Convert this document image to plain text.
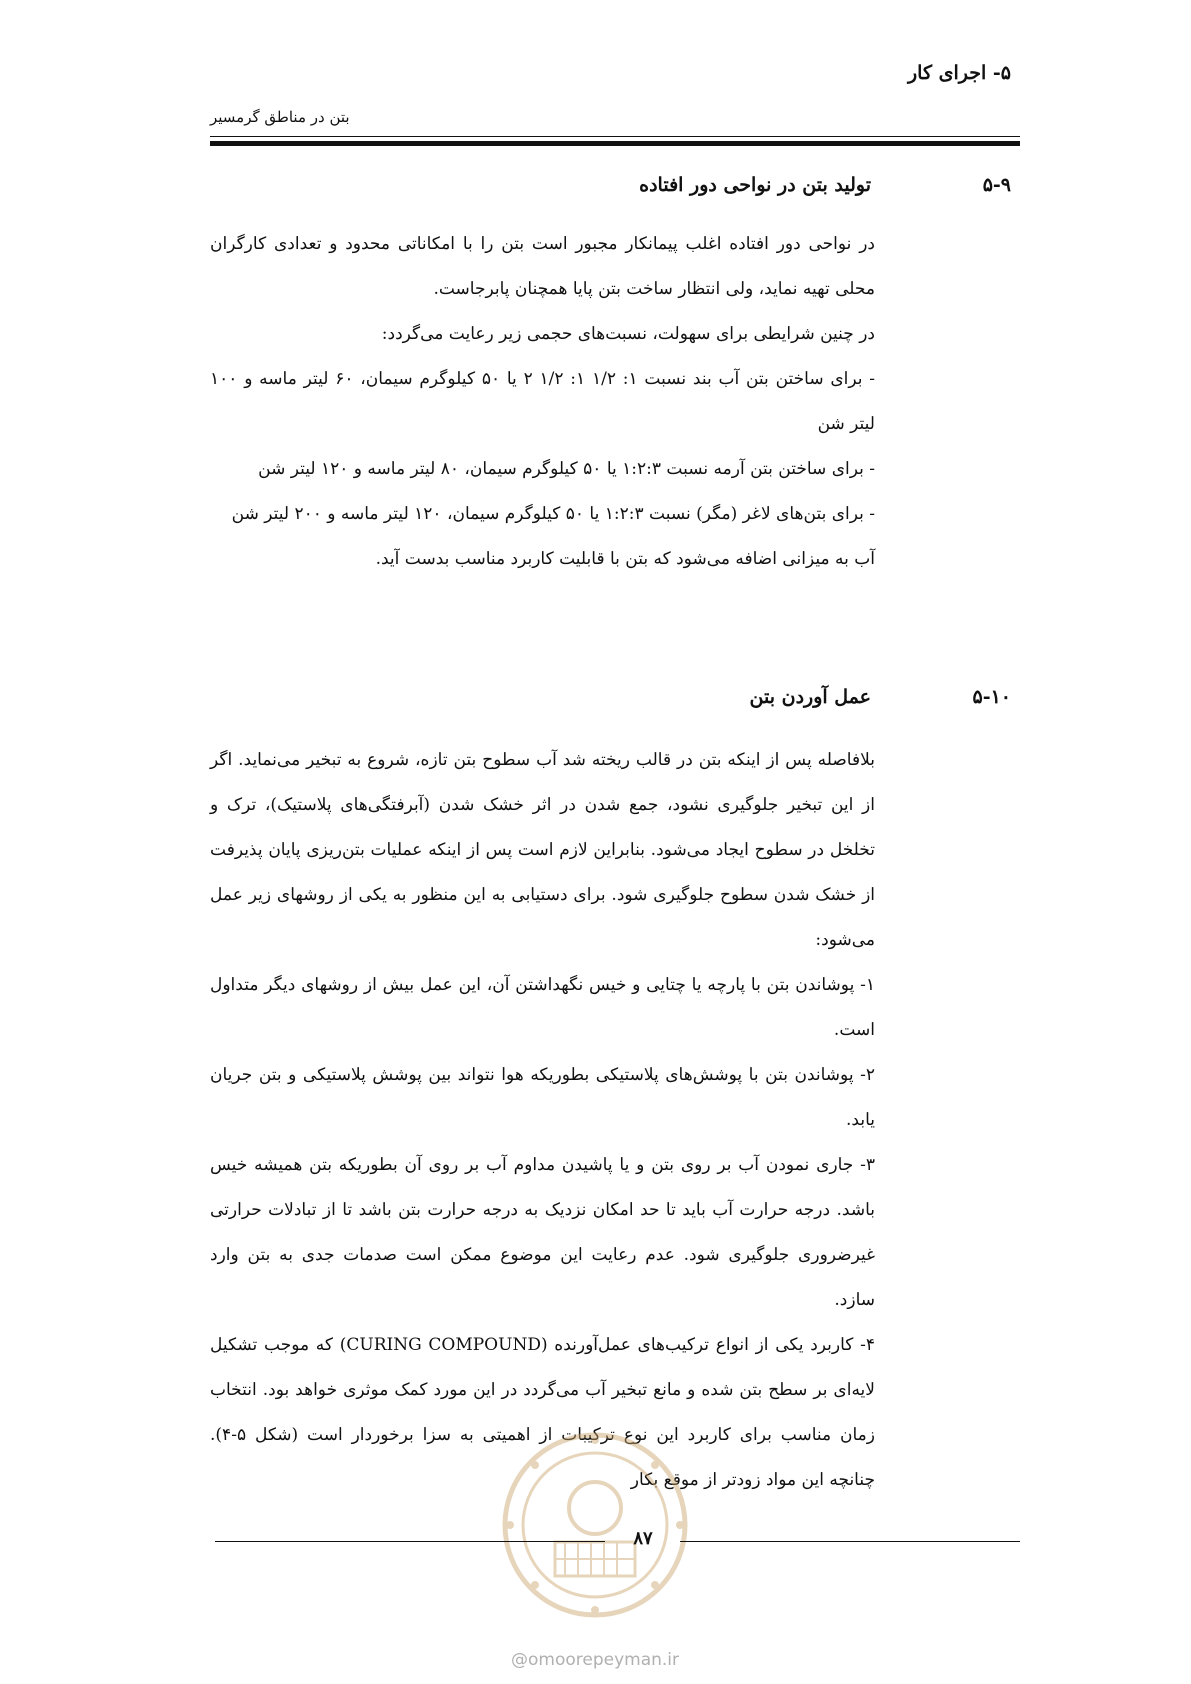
۵- اجرای کار
بتن در مناطق گرمسیر
۵-۹
تولید بتن در نواحی دور افتاده

در نواحی دور افتاده اغلب پیمانکار مجبور است بتن را با امکاناتی محدود و تعدادی کارگران محلی تهیه نماید، ولی انتظار ساخت بتن پایا همچنان پابرجاست.

در چنین شرایطی برای سهولت، نسبت‌های حجمی زیر رعایت می‌گردد:

- برای ساختن بتن آب بند نسبت ۱: ۱/۲ ۱: ۱/۲ ۲ یا ۵۰ کیلوگرم سیمان، ۶۰ لیتر ماسه و ۱۰۰ لیتر شن

- برای ساختن بتن آرمه نسبت ۱:۲:۳ یا ۵۰ کیلوگرم سیمان، ۸۰ لیتر ماسه و ۱۲۰ لیتر شن

- برای بتن‌های لاغر (مگر) نسبت ۱:۲:۳ یا ۵۰ کیلوگرم سیمان، ۱۲۰ لیتر ماسه و ۲۰۰ لیتر شن

آب به میزانی اضافه می‌شود که بتن با قابلیت کاربرد مناسب بدست آید.

۵-۱۰
عمل آوردن بتن

بلافاصله پس از اینکه بتن در قالب ریخته شد آب سطوح بتن تازه، شروع به تبخیر می‌نماید. اگر از این تبخیر جلوگیری نشود، جمع شدن در اثر خشک شدن (آبرفتگی‌های پلاستیک)، ترک و تخلخل در سطوح ایجاد می‌شود. بنابراین لازم است پس از اینکه عملیات بتن‌ریزی پایان پذیرفت از خشک شدن سطوح جلوگیری شود. برای دستیابی به این منظور به یکی از روشهای زیر عمل می‌شود:

۱- پوشاندن بتن با پارچه یا چتایی و خیس نگهداشتن آن، این عمل بیش از روشهای دیگر متداول است.

۲- پوشاندن بتن با پوشش‌های پلاستیکی بطوریکه هوا نتواند بین پوشش پلاستیکی و بتن جریان یابد.

۳- جاری نمودن آب بر روی بتن و یا پاشیدن مداوم آب بر روی آن بطوریکه بتن همیشه خیس باشد. درجه حرارت آب باید تا حد امکان نزدیک به درجه حرارت بتن باشد تا از تبادلات حرارتی غیرضروری جلوگیری شود. عدم رعایت این موضوع ممکن است صدمات جدی به بتن وارد سازد.

۴- کاربرد یکی از انواع ترکیب‌های عمل‌آورنده (CURING COMPOUND) که موجب تشکیل لایه‌ای بر سطح بتن شده و مانع تبخیر آب می‌گردد در این مورد کمک موثری خواهد بود. انتخاب زمان مناسب برای کاربرد این نوع ترکیبات از اهمیتی به سزا برخوردار است (شکل ۵-۴). چنانچه این مواد زودتر از موقع بکار

۸۷
@omoorepeyman.ir
